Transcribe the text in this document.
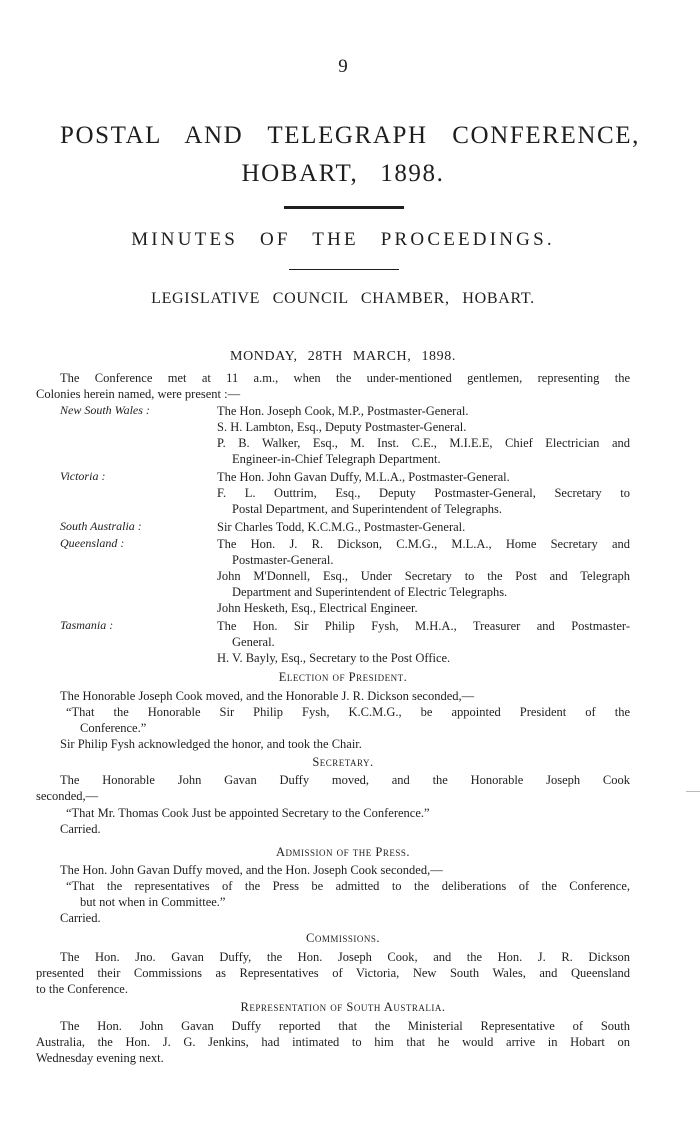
9
POSTAL AND TELEGRAPH CONFERENCE,
HOBART, 1898.
MINUTES OF THE PROCEEDINGS.
LEGISLATIVE COUNCIL CHAMBER, HOBART.
MONDAY, 28TH MARCH, 1898.
The Conference met at 11 a.m., when the under-mentioned gentlemen, representing the
Colonies herein named, were present :—
New South Wales :	The Hon. Joseph Cook, M.P., Postmaster-General.
S. H. Lambton, Esq., Deputy Postmaster-General.
P. B. Walker, Esq., M. Inst. C.E., M.I.E.E, Chief Electrician and
Engineer-in-Chief Telegraph Department.
Victoria :	The Hon. John Gavan Duffy, M.L.A., Postmaster-General.
F. L. Outtrim, Esq., Deputy Postmaster-General, Secretary to
Postal Department, and Superintendent of Telegraphs.
South Australia :	Sir Charles Todd, K.C.M.G., Postmaster-General.
Queensland :	The Hon. J. R. Dickson, C.M.G., M.L.A., Home Secretary and
Postmaster-General.
John M'Donnell, Esq., Under Secretary to the Post and Telegraph
Department and Superintendent of Electric Telegraphs.
John Hesketh, Esq., Electrical Engineer.
Tasmania :	The Hon. Sir Philip Fysh, M.H.A., Treasurer and Postmaster-
General.
H. V. Bayly, Esq., Secretary to the Post Office.
Election of President.
The Honorable Joseph Cook moved, and the Honorable J. R. Dickson seconded,—
“That the Honorable Sir Philip Fysh, K.C.M.G., be appointed President of the
Conference.”
Sir Philip Fysh acknowledged the honor, and took the Chair.
Secretary.
The Honorable John Gavan Duffy moved, and the Honorable Joseph Cook
seconded,—
“That Mr. Thomas Cook Just be appointed Secretary to the Conference.”
Carried.
Admission of the Press.
The Hon. John Gavan Duffy moved, and the Hon. Joseph Cook seconded,—
“That the representatives of the Press be admitted to the deliberations of the Conference,
but not when in Committee.”
Carried.
Commissions.
The Hon. Jno. Gavan Duffy, the Hon. Joseph Cook, and the Hon. J. R. Dickson
presented their Commissions as Representatives of Victoria, New South Wales, and Queensland
to the Conference.
Representation of South Australia.
The Hon. John Gavan Duffy reported that the Ministerial Representative of South
Australia, the Hon. J. G. Jenkins, had intimated to him that he would arrive in Hobart on
Wednesday evening next.
